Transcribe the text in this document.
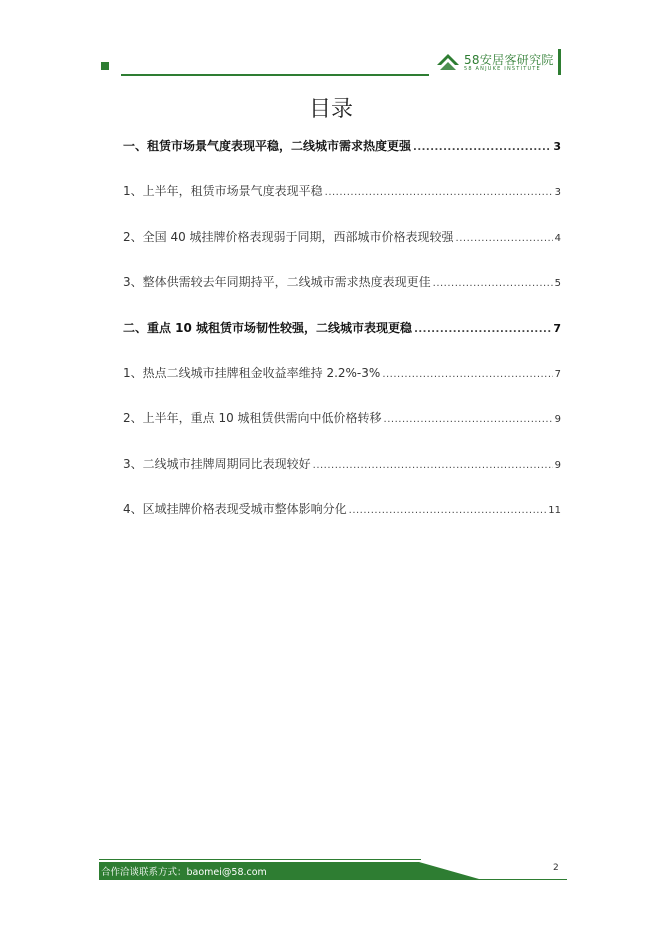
58安居客研究院
58 ANJUKE INSTITUTE
目录
一、租赁市场景气度表现平稳，二线城市需求热度更强 .....	3
1、上半年，租赁市场景气度表现平稳 .....	3
2、全国 40 城挂牌价格表现弱于同期，西部城市价格表现较强 .....	4
3、整体供需较去年同期持平，二线城市需求热度表现更佳 .....	5
二、重点 10 城租赁市场韧性较强，二线城市表现更稳 .....	7
1、热点二线城市挂牌租金收益率维持 2.2%-3% .....	7
2、上半年，重点 10 城租赁供需向中低价格转移 .....	9
3、二线城市挂牌周期同比表现较好 .....	9
4、区域挂牌价格表现受城市整体影响分化 .....	11
合作洽谈联系方式：baomei@58.com	2
